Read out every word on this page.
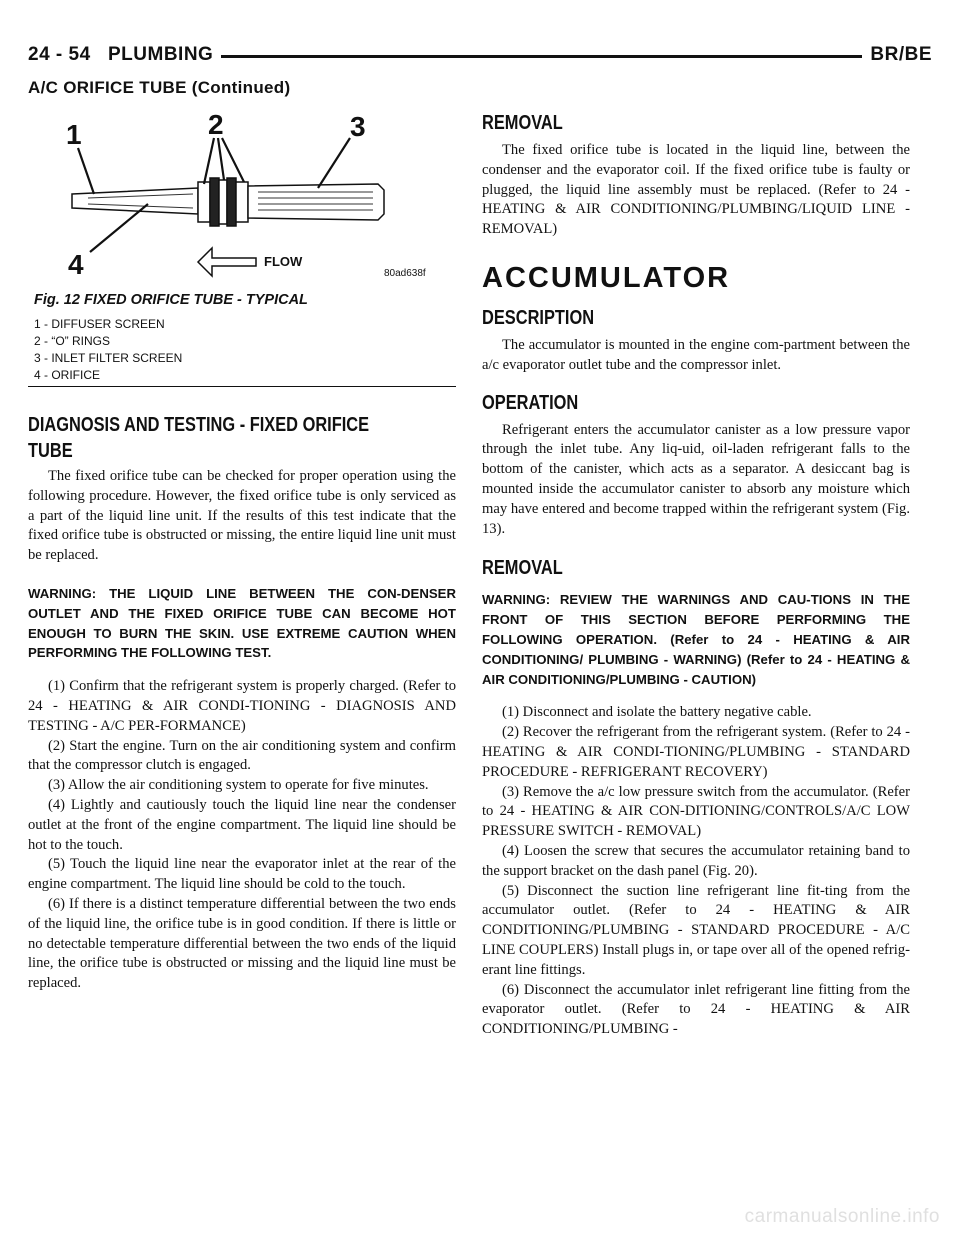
24 - 54 PLUMBING	BR/BE
A/C ORIFICE TUBE (Continued)
1	2	3
4	FLOW
80ad638f
Fig. 12 FIXED ORIFICE TUBE - TYPICAL
1 - DIFFUSER SCREEN
2 - “O” RINGS
3 - INLET FILTER SCREEN
4 - ORIFICE
DIAGNOSIS AND TESTING - FIXED ORIFICE
TUBE

The fixed orifice tube can be checked for proper operation using the following procedure. However, the fixed orifice tube is only serviced as a part of the liquid line unit. If the results of this test indicate that the fixed orifice tube is obstructed or missing, the entire liquid line unit must be replaced.

WARNING: THE LIQUID LINE BETWEEN THE CON-DENSER OUTLET AND THE FIXED ORIFICE TUBE CAN BECOME HOT ENOUGH TO BURN THE SKIN. USE EXTREME CAUTION WHEN PERFORMING THE FOLLOWING TEST.

(1) Confirm that the refrigerant system is properly charged. (Refer to 24 - HEATING & AIR CONDI-TIONING - DIAGNOSIS AND TESTING - A/C PER-FORMANCE)

(2) Start the engine. Turn on the air conditioning system and confirm that the compressor clutch is engaged.

(3) Allow the air conditioning system to operate for five minutes.

(4) Lightly and cautiously touch the liquid line near the condenser outlet at the front of the engine compartment. The liquid line should be hot to the touch.

(5) Touch the liquid line near the evaporator inlet at the rear of the engine compartment. The liquid line should be cold to the touch.

(6) If there is a distinct temperature differential between the two ends of the liquid line, the orifice tube is in good condition. If there is little or no detectable temperature differential between the two ends of the liquid line, the orifice tube is obstructed or missing and the liquid line must be replaced.

REMOVAL

The fixed orifice tube is located in the liquid line, between the condenser and the evaporator coil. If the fixed orifice tube is faulty or plugged, the liquid line assembly must be replaced. (Refer to 24 - HEATING & AIR CONDITIONING/PLUMBING/LIQUID LINE - REMOVAL)

ACCUMULATOR
DESCRIPTION

The accumulator is mounted in the engine com-partment between the a/c evaporator outlet tube and the compressor inlet.

OPERATION

Refrigerant enters the accumulator canister as a low pressure vapor through the inlet tube. Any liq-uid, oil-laden refrigerant falls to the bottom of the canister, which acts as a separator. A desiccant bag is mounted inside the accumulator canister to absorb any moisture which may have entered and become trapped within the refrigerant system (Fig. 13).

REMOVAL

WARNING: REVIEW THE WARNINGS AND CAU-TIONS IN THE FRONT OF THIS SECTION BEFORE PERFORMING THE FOLLOWING OPERATION. (Refer to 24 - HEATING & AIR CONDITIONING/ PLUMBING - WARNING) (Refer to 24 - HEATING & AIR CONDITIONING/PLUMBING - CAUTION)

(1) Disconnect and isolate the battery negative cable.

(2) Recover the refrigerant from the refrigerant system. (Refer to 24 - HEATING & AIR CONDI-TIONING/PLUMBING - STANDARD PROCEDURE - REFRIGERANT RECOVERY)

(3) Remove the a/c low pressure switch from the accumulator. (Refer to 24 - HEATING & AIR CON-DITIONING/CONTROLS/A/C LOW PRESSURE SWITCH - REMOVAL)

(4) Loosen the screw that secures the accumulator retaining band to the support bracket on the dash panel (Fig. 20).

(5) Disconnect the suction line refrigerant line fit-ting from the accumulator outlet. (Refer to 24 - HEATING & AIR CONDITIONING/PLUMBING - STANDARD PROCEDURE - A/C LINE COUPLERS) Install plugs in, or tape over all of the opened refrig-erant line fittings.

(6) Disconnect the accumulator inlet refrigerant line fitting from the evaporator outlet. (Refer to 24 - HEATING & AIR CONDITIONING/PLUMBING -

carmanualsonline.info
